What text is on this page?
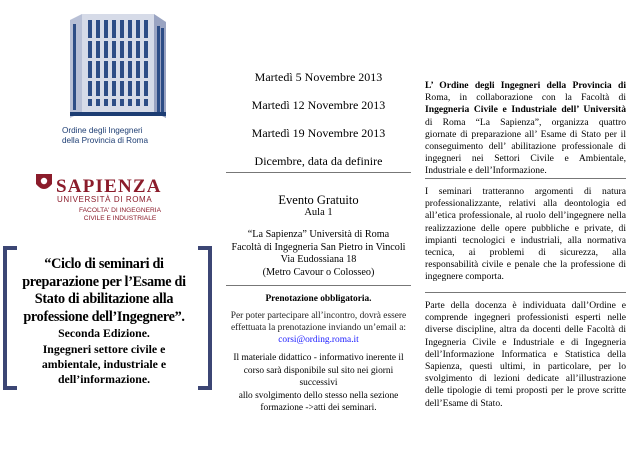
Ordine degli Ingegneri
della Provincia di Roma
SAPIENZA
UNIVERSITÀ DI ROMA
FACOLTA' DI INGEGNERIA
CIVILE E INDUSTRIALE
“Ciclo di seminari di
preparazione per l’Esame di
Stato di abilitazione alla
professione dell’Ingegnere”.
Seconda Edizione.
Ingegneri settore civile e
ambientale, industriale e
dell’informazione.
Martedì 5 Novembre 2013
Martedì 12 Novembre 2013
Martedì 19 Novembre 2013
Dicembre, data da definire
Evento Gratuito
Aula 1
“La Sapienza” Università di Roma
Facoltà di Ingegneria San Pietro in Vincoli
Via Eudossiana 18
(Metro Cavour o Colosseo)
Prenotazione obbligatoria.
Per poter partecipare all’incontro, dovrà essere
effettuata la prenotazione inviando un’email a:
corsi@ording.roma.it
Il materiale didattico - informativo inerente il
corso sarà disponibile sul sito nei giorni successivi
allo svolgimento dello stesso nella sezione
formazione ->atti dei seminari.
L’ Ordine degli Ingegneri della Provincia di
Roma, in collaborazione con la Facoltà di
Ingegneria Civile e Industriale dell’ Università
di Roma “La Sapienza”, organizza quattro
giornate di preparazione all’ Esame di Stato per il
conseguimento dell’ abilitazione professionale di
ingegneri nei Settori Civile e Ambientale,
Industriale e dell’Informazione.
I seminari tratteranno argomenti di natura
professionalizzante, relativi alla deontologia ed
all’etica professionale, al ruolo dell’ingegnere nella
realizzazione delle opere pubbliche e private, di
impianti tecnologici e industriali, alla normativa
tecnica, ai problemi di sicurezza, alla
responsabilità civile e penale che la professione di
ingegnere comporta.
Parte della docenza è individuata dall’Ordine e
comprende ingegneri professionisti esperti nelle
diverse discipline, altra da docenti delle Facoltà di
Ingegneria Civile e Industriale e di Ingegneria
dell’Informazione Informatica e Statistica della
Sapienza, questi ultimi, in particolare, per lo
svolgimento di lezioni dedicate all’illustrazione
delle tipologie di temi proposti per le prove scritte
dell’Esame di Stato.
